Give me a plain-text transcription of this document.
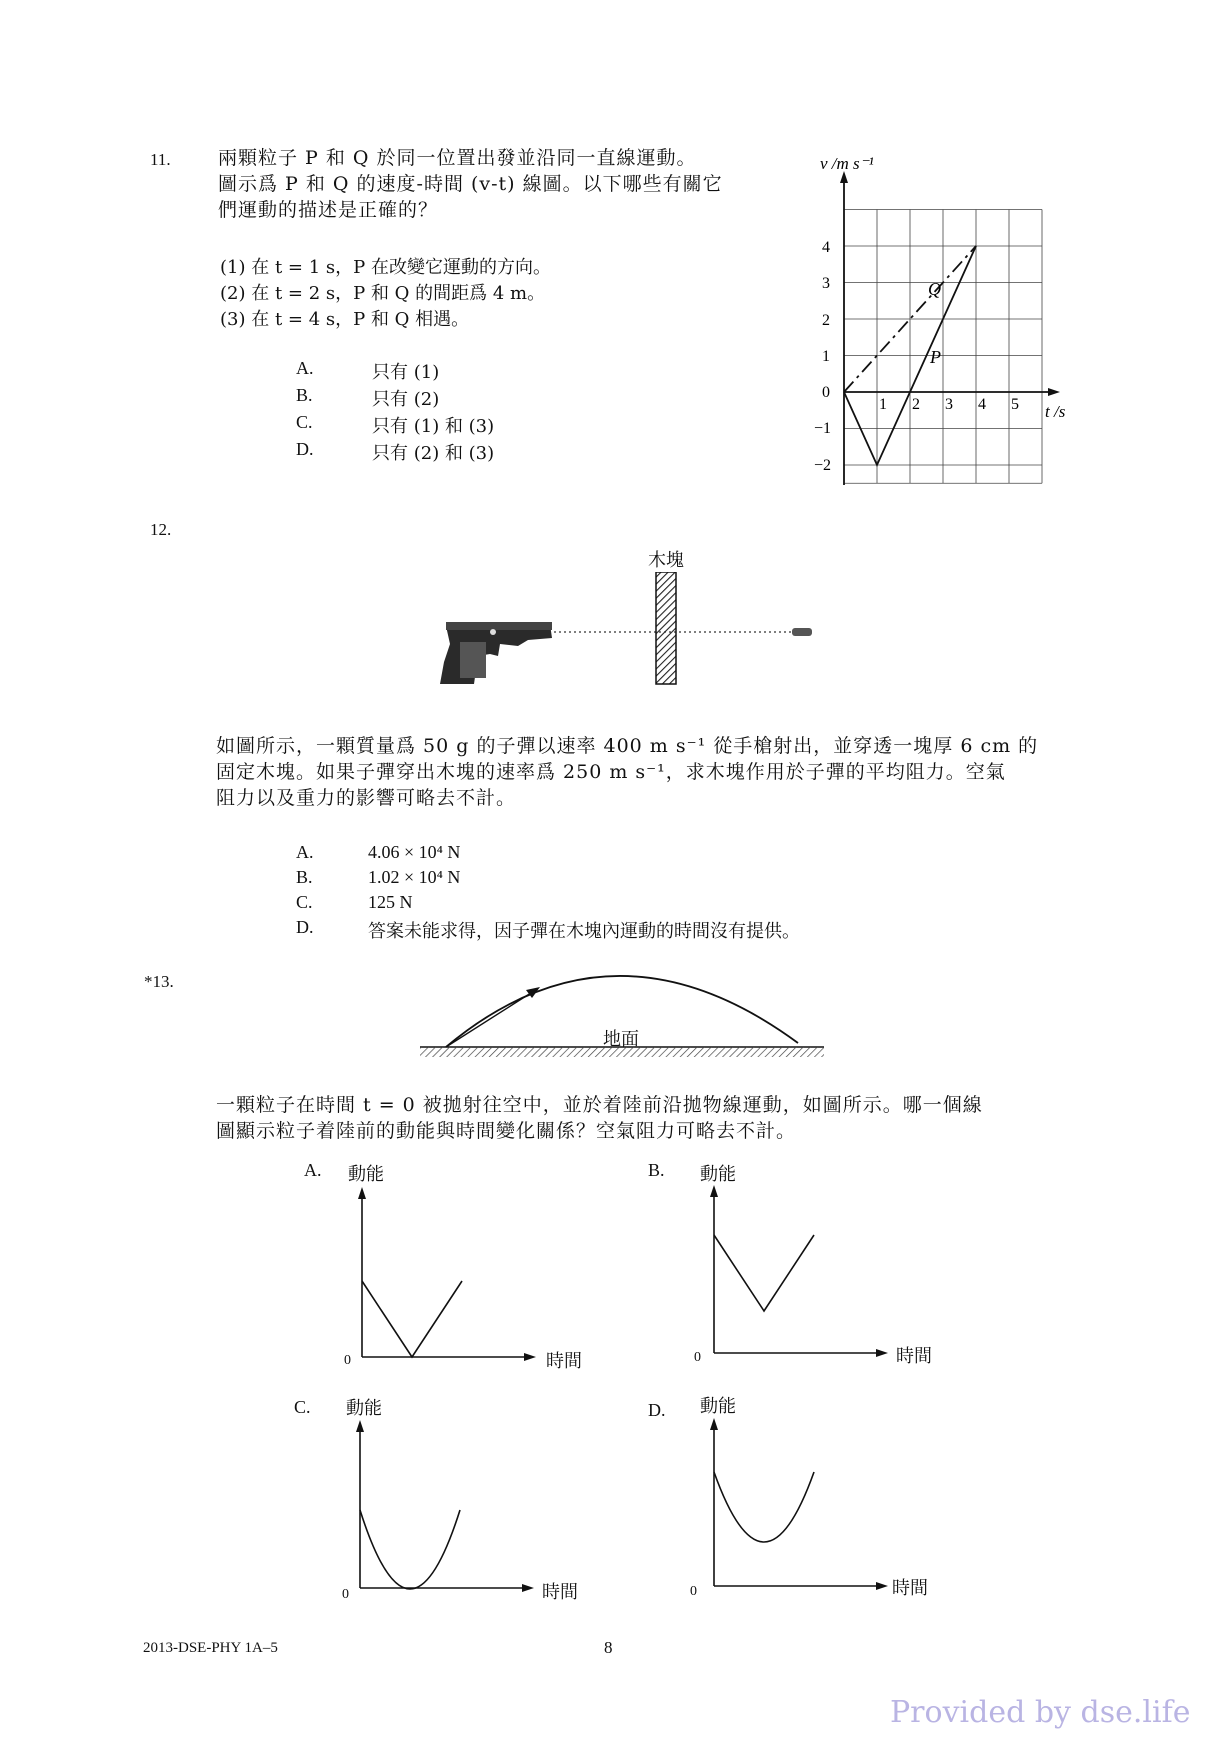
11. 兩顆粒子 P 和 Q 於同一位置出發並沿同一直線運動。
圖示爲 P 和 Q 的速度-時間 (v-t) 線圖。以下哪些有關它
們運動的描述是正確的？
(1) 在 t = 1 s，P 在改變它運動的方向。
(2) 在 t = 2 s，P 和 Q 的間距爲 4 m。
(3) 在 t = 4 s，P 和 Q 相遇。
A.	只有 (1)
B.	只有 (2)
C.	只有 (1) 和 (3)
D.	只有 (2) 和 (3)
v /m s⁻¹
t /s
4
3
2
1
0
−1
−2
1 2 3 4 5
Q
P
12.
木塊
如圖所示，一顆質量爲 50 g 的子彈以速率 400 m s⁻¹ 從手槍射出，並穿透一塊厚 6 cm 的
固定木塊。如果子彈穿出木塊的速率爲 250 m s⁻¹，求木塊作用於子彈的平均阻力。空氣
阻力以及重力的影響可略去不計。
A.	4.06 × 10⁴ N
B.	1.02 × 10⁴ N
C.	125 N
D.	答案未能求得，因子彈在木塊內運動的時間沒有提供。
*13.
地面
一顆粒子在時間 t = 0 被拋射往空中，並於着陸前沿拋物線運動，如圖所示。哪一個線
圖顯示粒子着陸前的動能與時間變化關係？空氣阻力可略去不計。
A. 動能
0	時間
B. 動能
0	時間
C. 動能
0	時間
D. 動能
0	時間
2013-DSE-PHY 1A–5	8
Provided by dse.life
